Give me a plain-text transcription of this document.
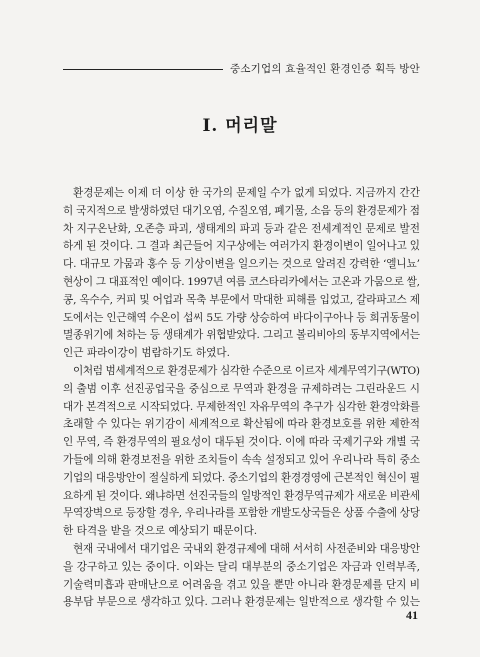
중소기업의 효율적인 환경인증 획득 방안
Ⅰ. 머리말
환경문제는 이제 더 이상 한 국가의 문제일 수가 없게 되었다. 지금까지 간간
히 국지적으로 발생하였던 대기오염, 수질오염, 폐기물, 소음 등의 환경문제가 점
차 지구온난화, 오존층 파괴, 생태계의 파괴 등과 같은 전세계적인 문제로 발전
하게 된 것이다. 그 결과 최근들어 지구상에는 여러가지 환경이변이 일어나고 있
다. 대규모 가뭄과 홍수 등 기상이변을 일으키는 것으로 알려진 강력한 ‘엘니뇨’
현상이 그 대표적인 예이다. 1997년 여름 코스타리카에서는 고온과 가뭄으로 쌀,
콩, 옥수수, 커피 및 어업과 목축 부문에서 막대한 피해를 입었고, 갈라파고스 제
도에서는 인근해역 수온이 섭씨 5도 가량 상승하여 바다이구아나 등 희귀동물이
멸종위기에 처하는 등 생태계가 위협받았다. 그리고 볼리비아의 동부지역에서는
인근 파라이강이 범람하기도 하였다.
이처럼 범세계적으로 환경문제가 심각한 수준으로 이르자 세계무역기구(WTO)
의 출범 이후 선진공업국을 중심으로 무역과 환경을 규제하려는 그린라운드 시
대가 본격적으로 시작되었다. 무제한적인 자유무역의 추구가 심각한 환경악화를
초래할 수 있다는 위기감이 세계적으로 확산됨에 따라 환경보호를 위한 제한적
인 무역, 즉 환경무역의 필요성이 대두된 것이다. 이에 따라 국제기구와 개별 국
가들에 의해 환경보전을 위한 조치들이 속속 설정되고 있어 우리나라 특히 중소
기업의 대응방안이 절실하게 되었다. 중소기업의 환경경영에 근본적인 혁신이 필
요하게 된 것이다. 왜냐하면 선진국들의 일방적인 환경무역규제가 새로운 비관세
무역장벽으로 등장할 경우, 우리나라를 포함한 개발도상국들은 상품 수출에 상당
한 타격을 받을 것으로 예상되기 때문이다.
현재 국내에서 대기업은 국내외 환경규제에 대해 서서히 사전준비와 대응방안
을 강구하고 있는 중이다. 이와는 달리 대부분의 중소기업은 자금과 인력부족,
기술력미흡과 판매난으로 어려움을 겪고 있을 뿐만 아니라 환경문제를 단지 비
용부담 부문으로 생각하고 있다. 그러나 환경문제는 일반적으로 생각할 수 있는
41
